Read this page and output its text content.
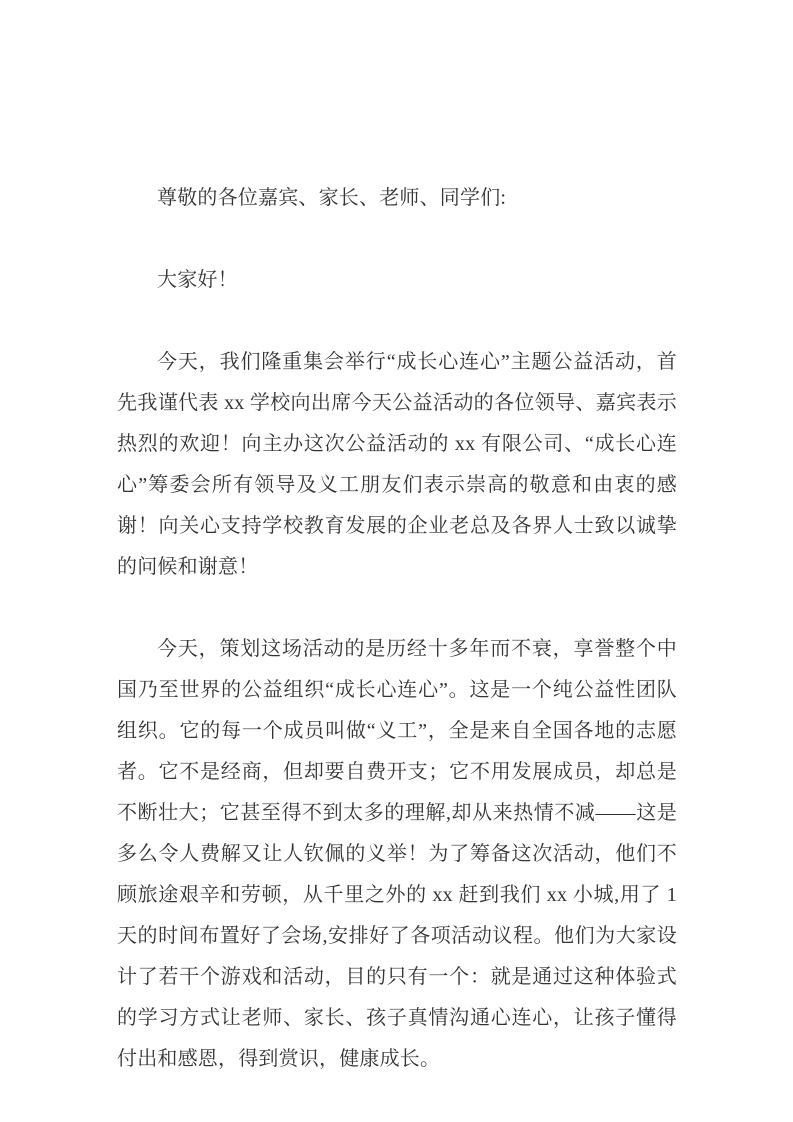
尊敬的各位嘉宾、家长、老师、同学们:

大家好！

今天，我们隆重集会举行“成长心连心”主题公益活动，首先我谨代表 xx 学校向出席今天公益活动的各位领导、嘉宾表示热烈的欢迎！向主办这次公益活动的 xx 有限公司、“成长心连心”筹委会所有领导及义工朋友们表示崇高的敬意和由衷的感谢！向关心支持学校教育发展的企业老总及各界人士致以诚挚的问候和谢意！

今天，策划这场活动的是历经十多年而不衰，享誉整个中国乃至世界的公益组织“成长心连心”。这是一个纯公益性团队组织。它的每一个成员叫做“义工”，全是来自全国各地的志愿者。它不是经商，但却要自费开支；它不用发展成员，却总是不断壮大；它甚至得不到太多的理解,却从来热情不减——这是多么令人费解又让人钦佩的义举！为了筹备这次活动，他们不顾旅途艰辛和劳顿，从千里之外的 xx 赶到我们 xx 小城,用了 1 天的时间布置好了会场,安排好了各项活动议程。他们为大家设计了若干个游戏和活动，目的只有一个：就是通过这种体验式的学习方式让老师、家长、孩子真情沟通心连心，让孩子懂得付出和感恩，得到赏识，健康成长。
